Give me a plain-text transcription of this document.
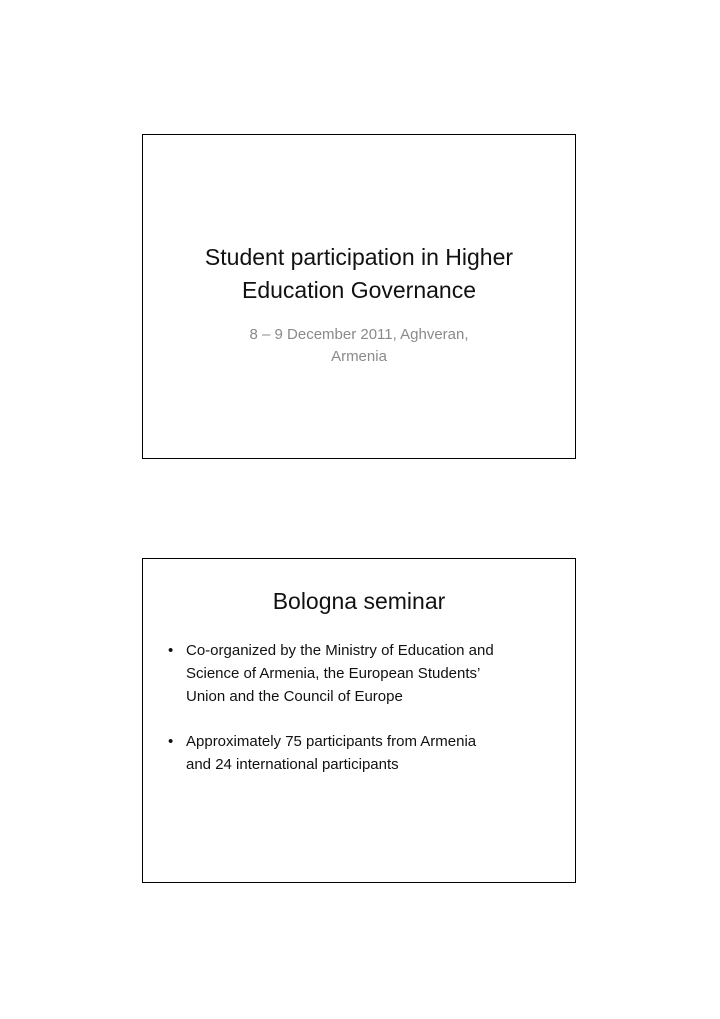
Student participation in Higher
Education Governance
8 – 9 December 2011, Aghveran,
Armenia
Bologna seminar
• Co-organized by the Ministry of Education and
Science of Armenia, the European Students’
Union and the Council of Europe
• Approximately 75 participants from Armenia
and 24 international participants
